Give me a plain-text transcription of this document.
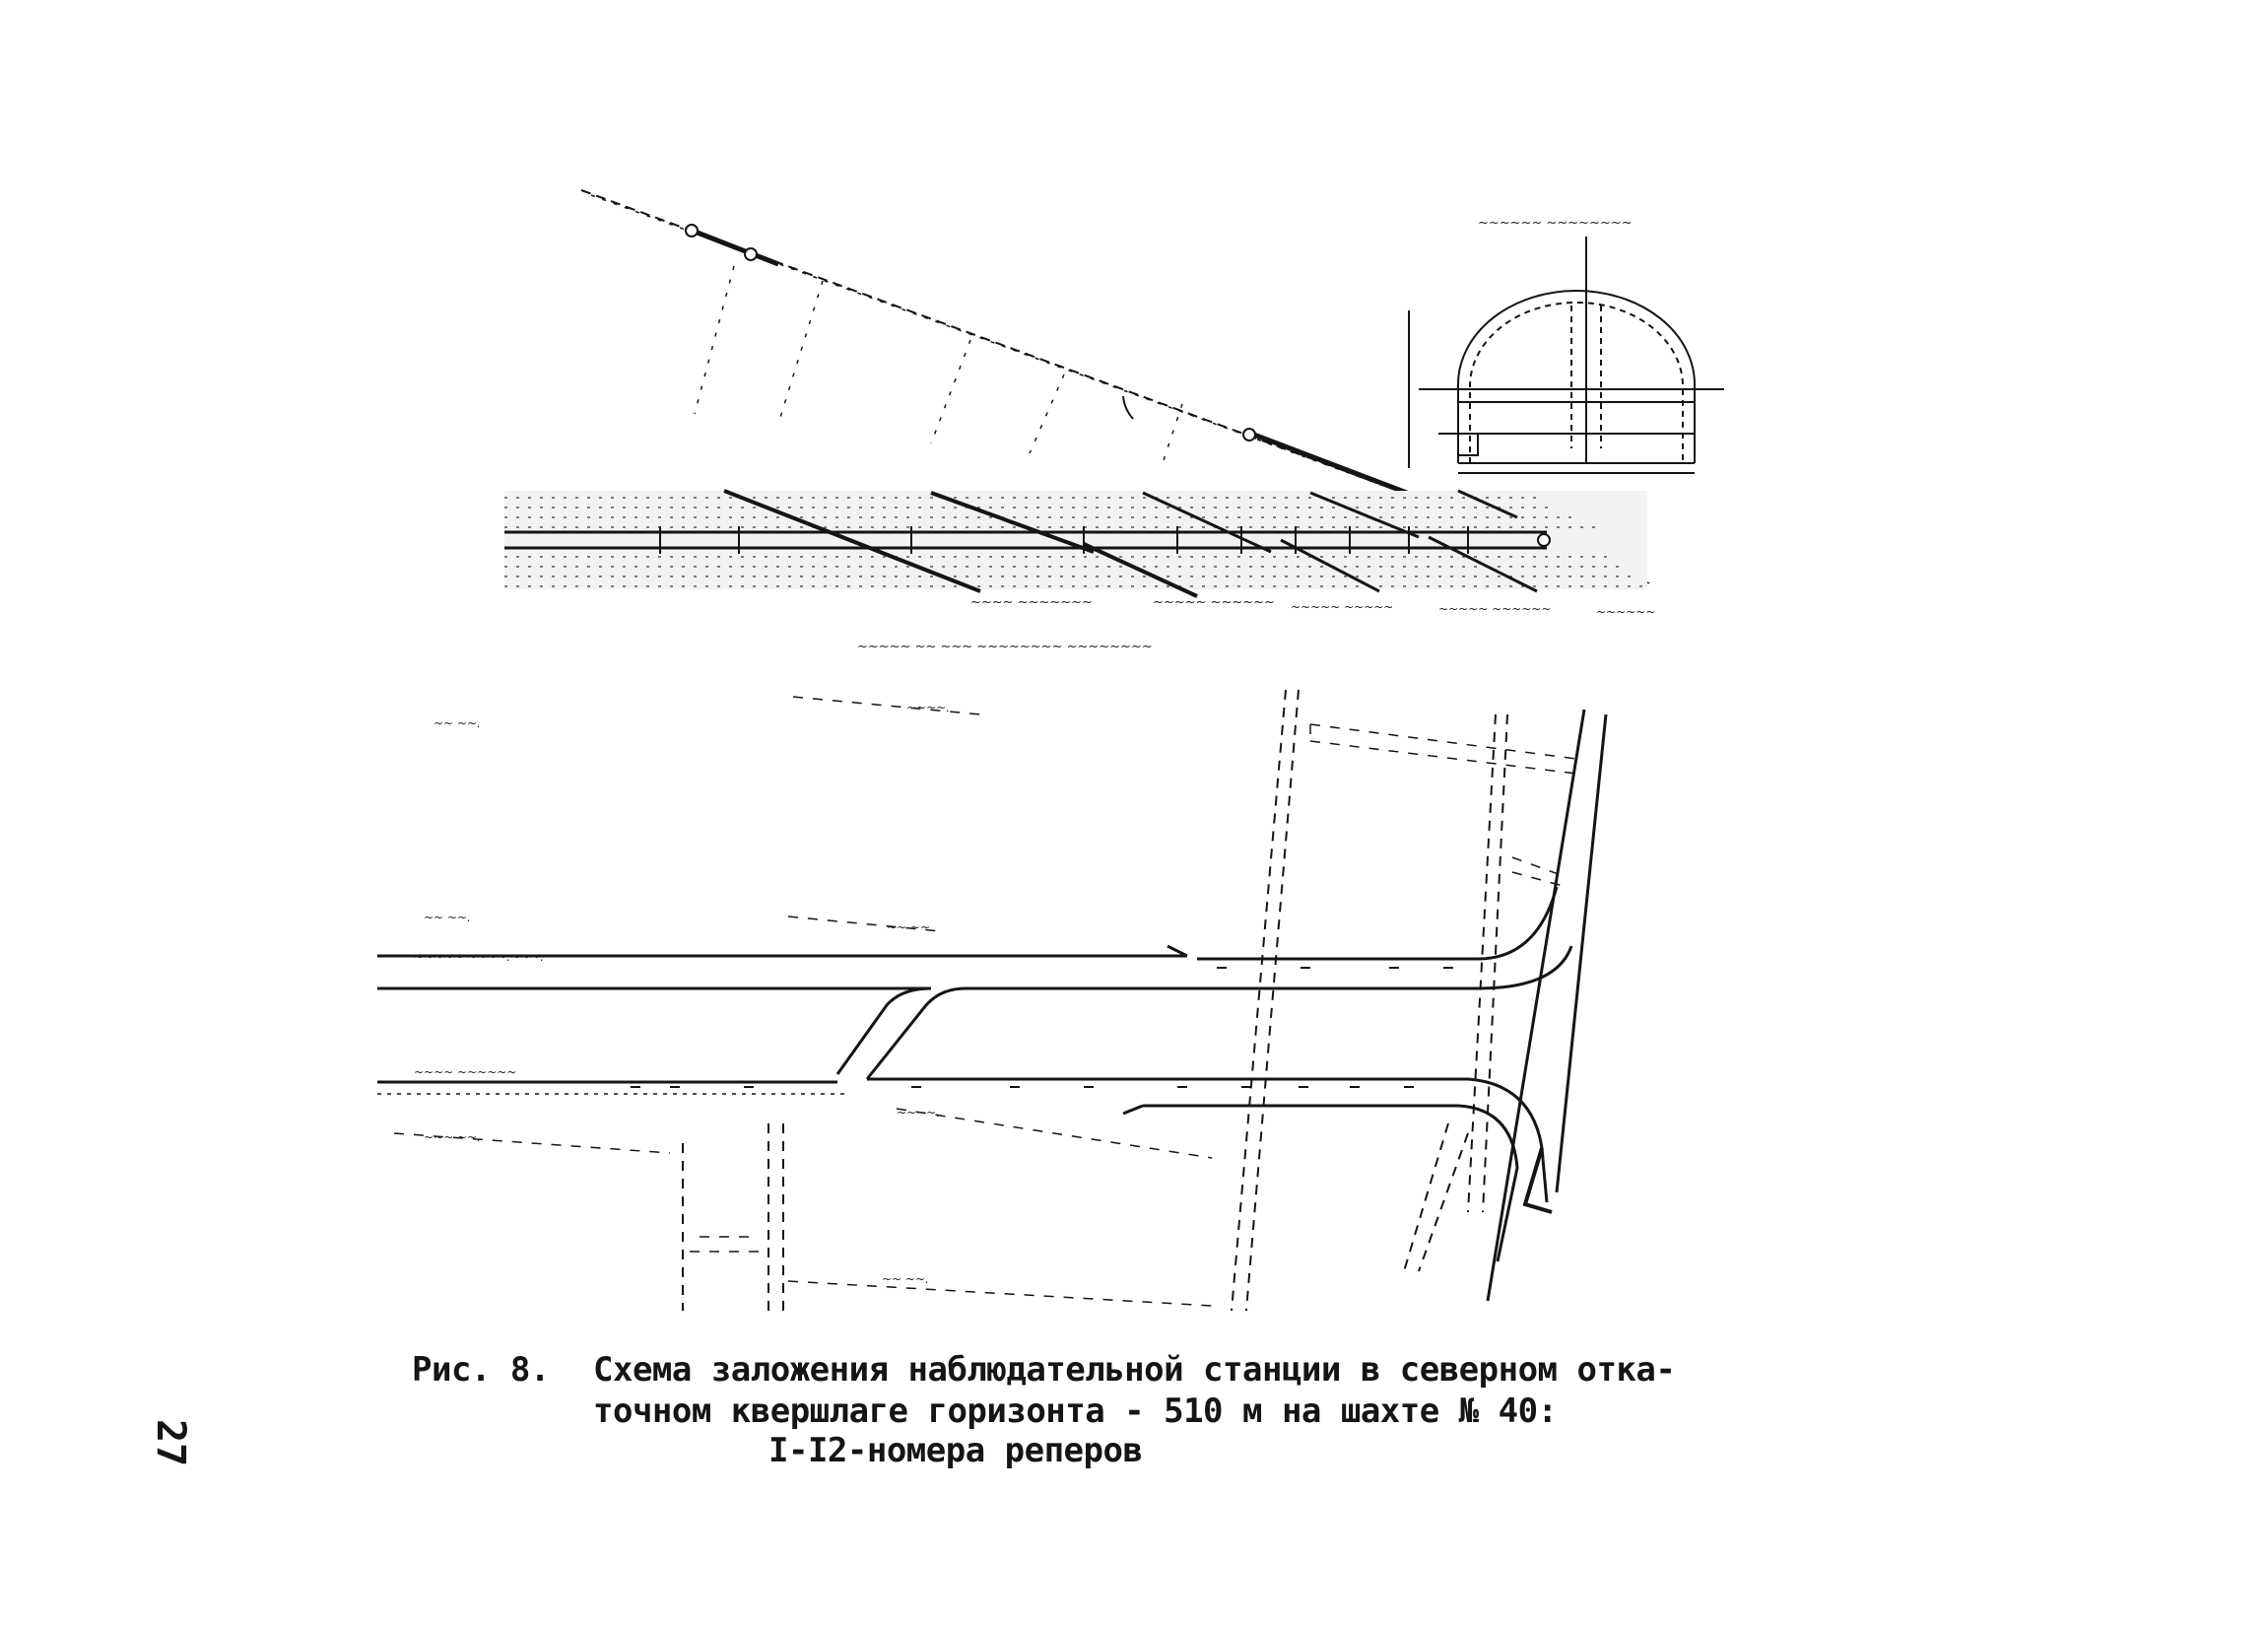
~~~~ ~~~~~~~	~~~~~ ~~~~~~ ~~~~~ ~~~~~	~~~~~ ~~~~~~	~~~~~~
~~~~~ ~~ ~~~ ~~~~~~~~ ~~~~~~~~
~~~~~~ ~~~~~~~~
~~ ~~.
~~~~.
~~ ~~.
~~~~~ ~~~~.~~~.
~~ ~~.
~~~~ ~~~~~~
~~~~.
~~~ ~~.
~~ ~~.
Рис. 8. Схема заложения наблюдательной станции в северном отка-
точном квершлаге горизонта - 510 м на шахте № 40:
I-I2-номера реперов
27
